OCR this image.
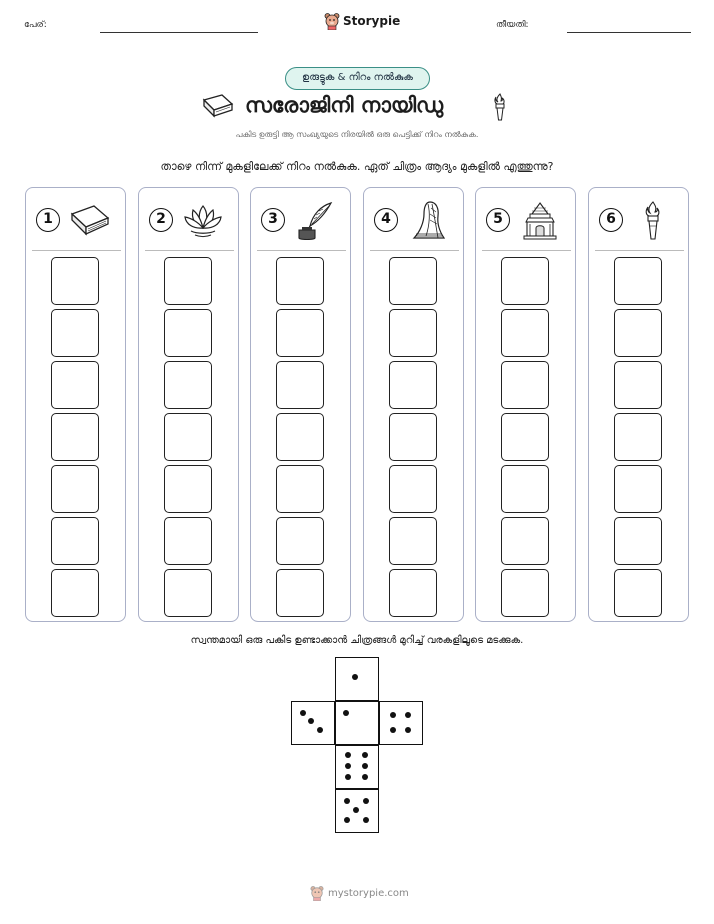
പേര്:	Storypie	തീയതി:
ഉരുട്ടുക & നിറം നൽകുക
സരോജിനി നായിഡു
പകിട ഉരുട്ടി ആ സംഖ്യയുടെ നിരയിൽ ഒരു പെട്ടിക്ക് നിറം നൽകുക.
താഴെ നിന്ന് മുകളിലേക്ക് നിറം നൽകുക. ഏത് ചിത്രം ആദ്യം മുകളിൽ എത്തുന്നു?
1	2	3	4	5	6
സ്വന്തമായി ഒരു പകിട ഉണ്ടാക്കാൻ ചിത്രങ്ങൾ മുറിച്ച് വരകളിലൂടെ മടക്കുക.
mystorypie.com
